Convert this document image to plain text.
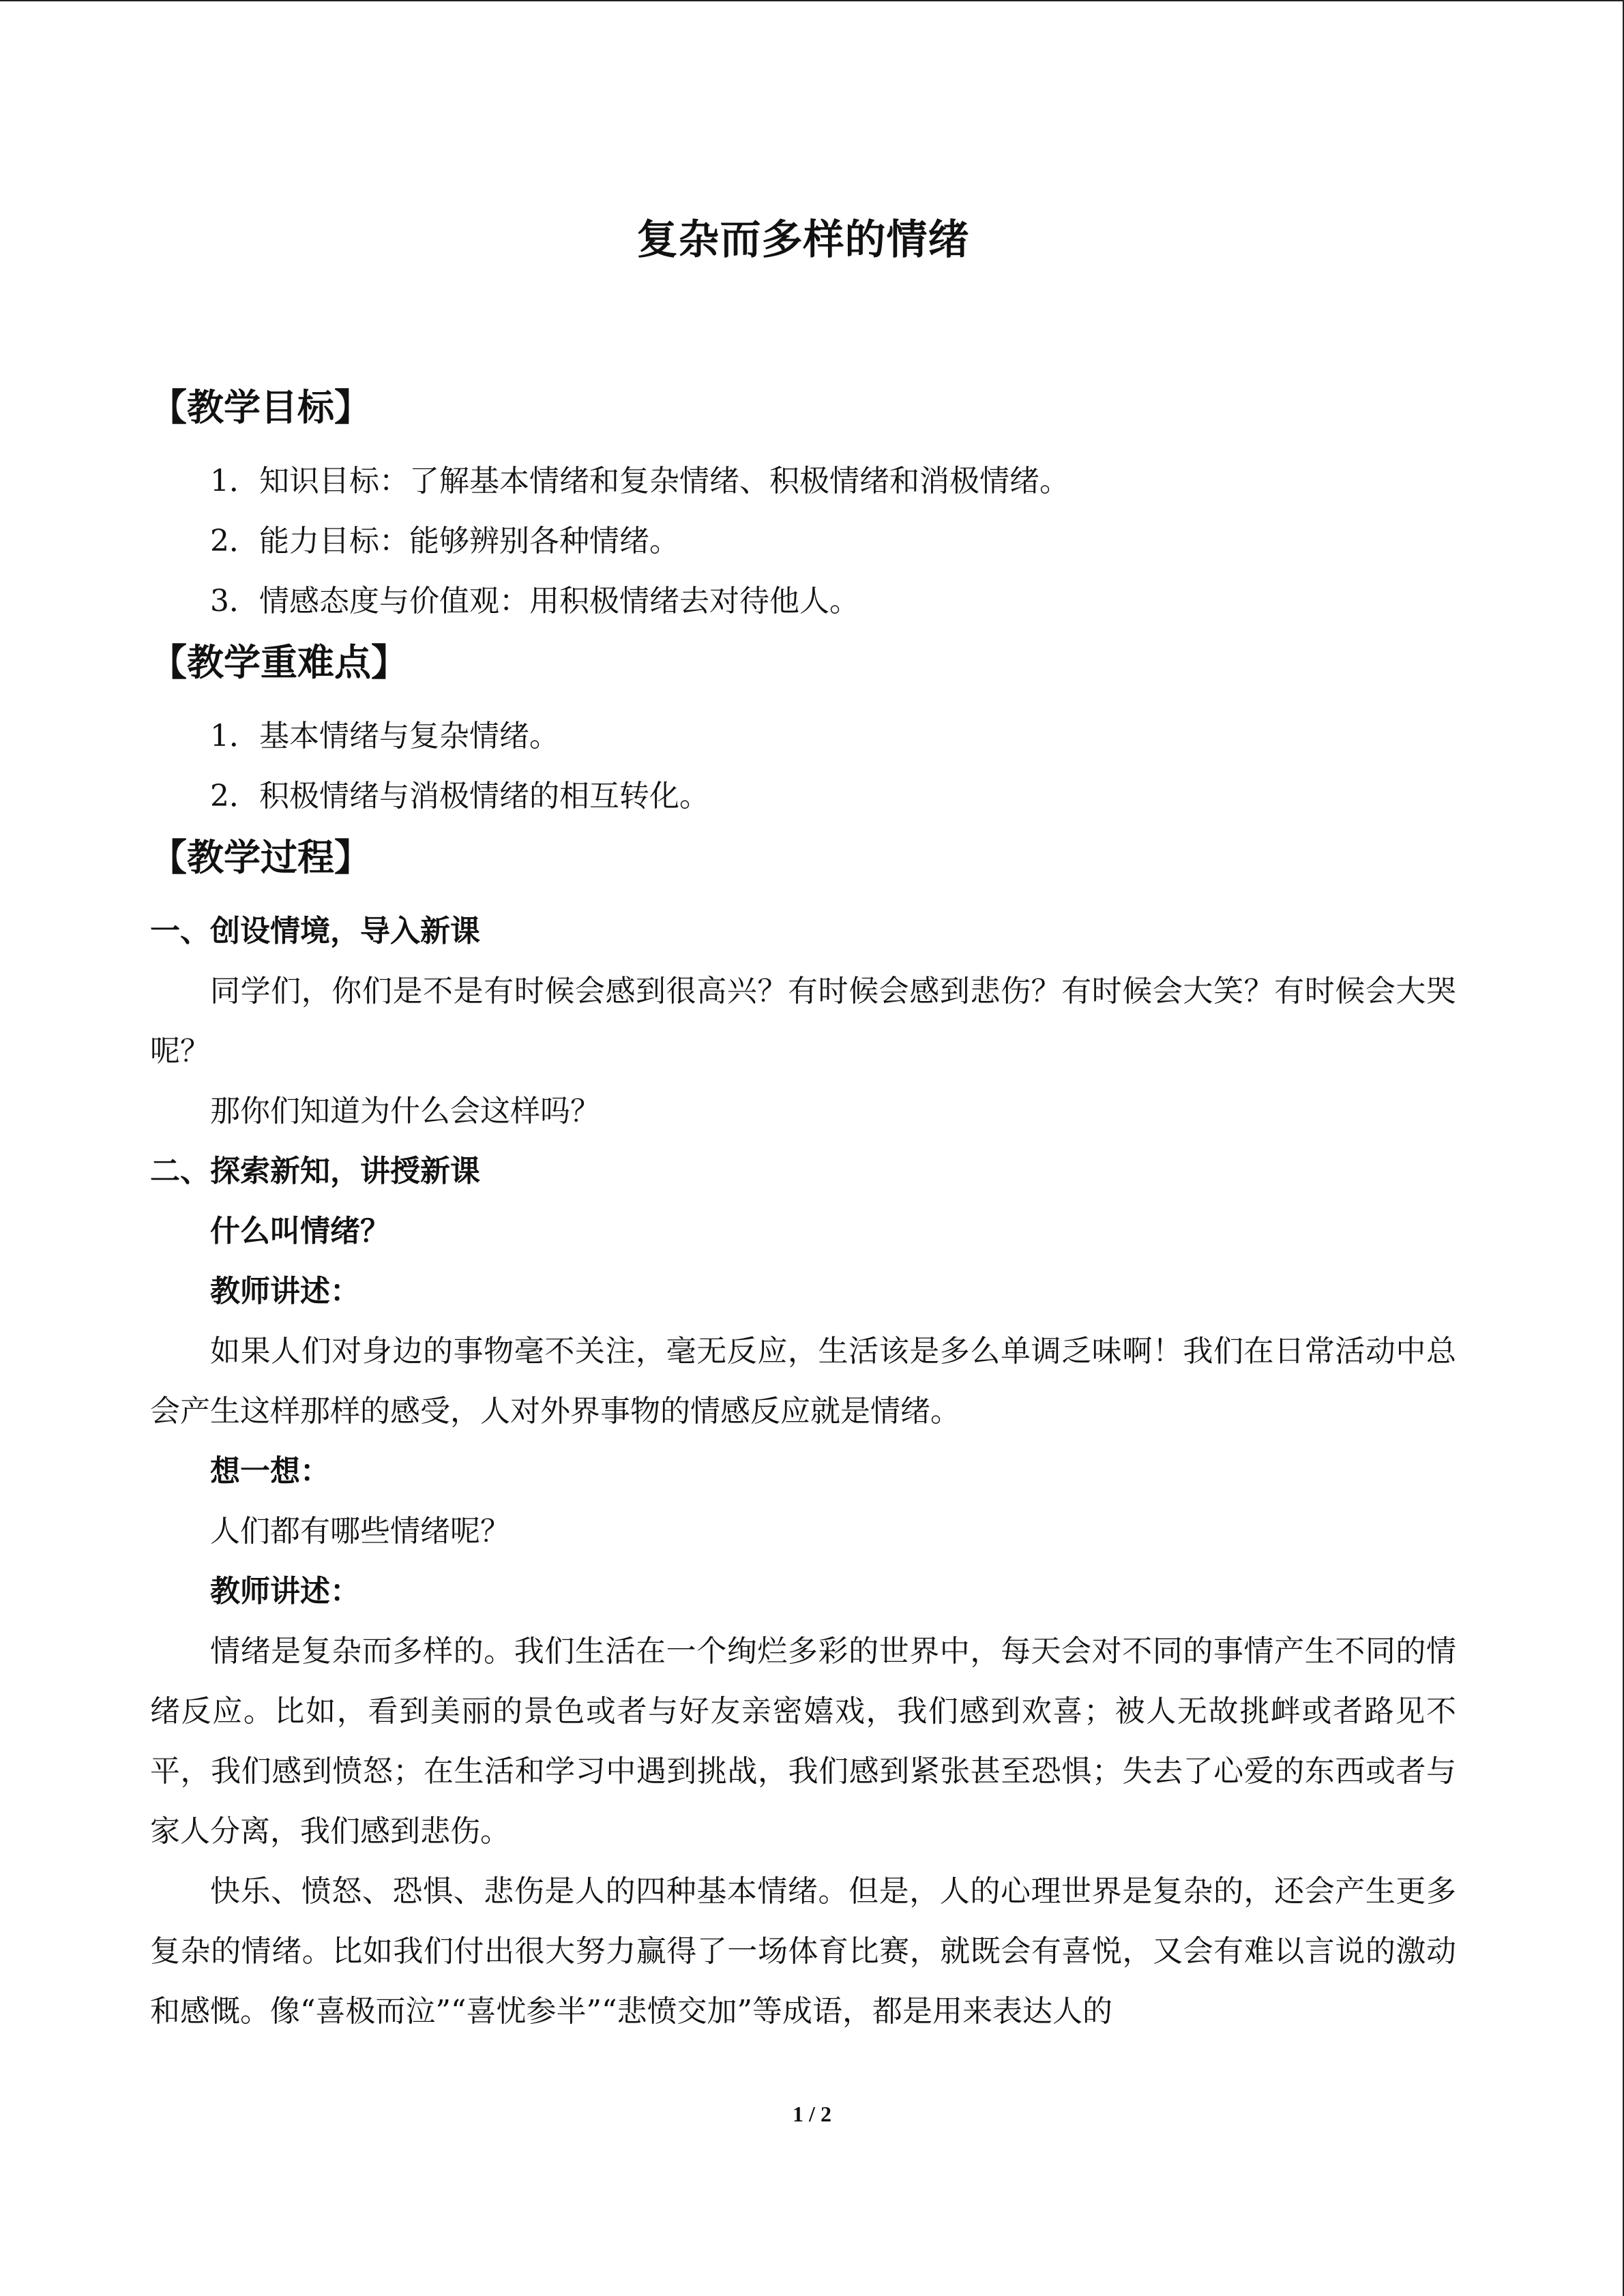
复杂而多样的情绪
【教学目标】

1．知识目标：了解基本情绪和复杂情绪、积极情绪和消极情绪。

2．能力目标：能够辨别各种情绪。

3．情感态度与价值观：用积极情绪去对待他人。

【教学重难点】

1．基本情绪与复杂情绪。

2．积极情绪与消极情绪的相互转化。

【教学过程】

一、创设情境，导入新课

同学们，你们是不是有时候会感到很高兴？有时候会感到悲伤？有时候会大笑？有时候会大哭呢？

那你们知道为什么会这样吗？

二、探索新知，讲授新课

什么叫情绪？

教师讲述：

如果人们对身边的事物毫不关注，毫无反应，生活该是多么单调乏味啊！我们在日常活动中总会产生这样那样的感受，人对外界事物的情感反应就是情绪。

想一想：

人们都有哪些情绪呢？

教师讲述：

情绪是复杂而多样的。我们生活在一个绚烂多彩的世界中，每天会对不同的事情产生不同的情绪反应。比如，看到美丽的景色或者与好友亲密嬉戏，我们感到欢喜；被人无故挑衅或者路见不平，我们感到愤怒；在生活和学习中遇到挑战，我们感到紧张甚至恐惧；失去了心爱的东西或者与家人分离，我们感到悲伤。

快乐、愤怒、恐惧、悲伤是人的四种基本情绪。但是，人的心理世界是复杂的，还会产生更多复杂的情绪。比如我们付出很大努力赢得了一场体育比赛，就既会有喜悦，又会有难以言说的激动和感慨。像“喜极而泣”“喜忧参半”“悲愤交加”等成语，都是用来表达人的

1 / 2
